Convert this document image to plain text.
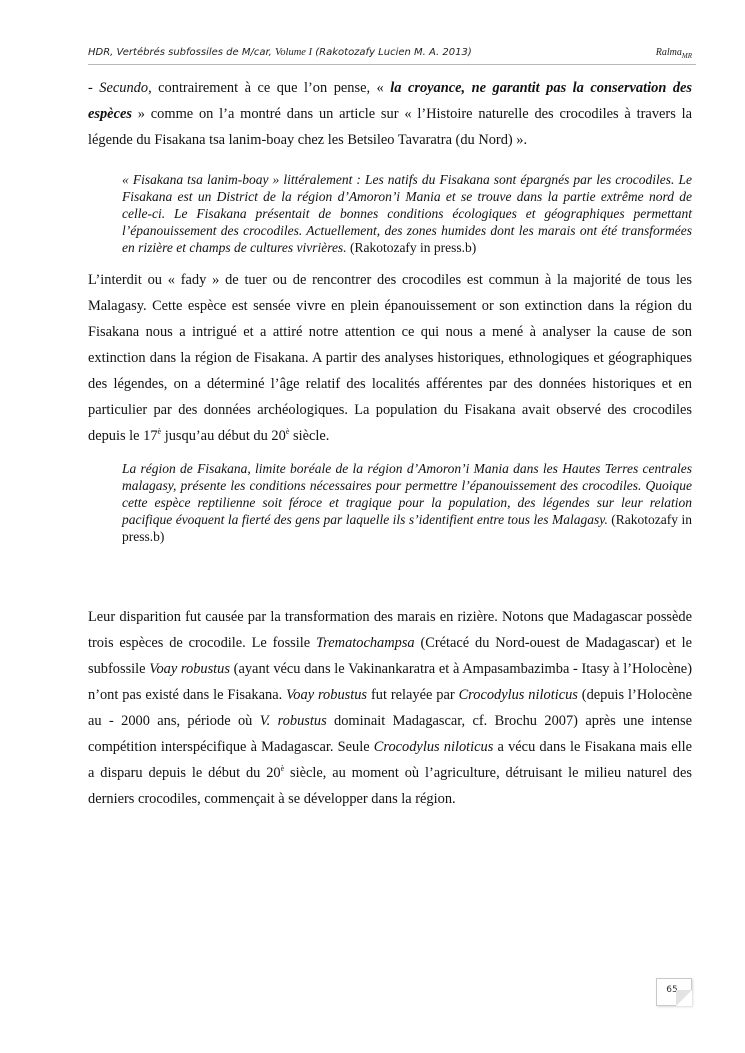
HDR, Vertébrés subfossiles de M/car, Volume I (Rakotozafy Lucien M. A. 2013)	Ralma$_{MR}$

- Secundo, contrairement à ce que l’on pense, « la croyance, ne garantit pas la conservation des espèces » comme on l’a montré dans un article sur « l’Histoire naturelle des crocodiles à travers la légende du Fisakana tsa lanim-boay chez les Betsileo Tavaratra (du Nord) ».

« Fisakana tsa lanim-boay » littéralement : Les natifs du Fisakana sont épargnés par les crocodiles. Le Fisakana est un District de la région d’Amoron’i Mania et se trouve dans la partie extrême nord de celle-ci. Le Fisakana présentait de bonnes conditions écologiques et géographiques permettant l’épanouissement des crocodiles. Actuellement, des zones humides dont les marais ont été transformées en rizière et champs de cultures vivrières. (Rakotozafy in press.b)

L’interdit ou « fady » de tuer ou de rencontrer des crocodiles est commun à la majorité de tous les Malagasy. Cette espèce est sensée vivre en plein épanouissement or son extinction dans la région du Fisakana nous a intrigué et a attiré notre attention ce qui nous a mené à analyser la cause de son extinction dans la région de Fisakana. A partir des analyses historiques, ethnologiques et géographiques des légendes, on a déterminé l’âge relatif des localités afférentes par des données historiques et en particulier par des données archéologiques. La population du Fisakana avait observé des crocodiles depuis le $17^è$ jusqu’au début du $20^è$ siècle.

La région de Fisakana, limite boréale de la région d’Amoron’i Mania dans les Hautes Terres centrales malagasy, présente les conditions nécessaires pour permettre l’épanouissement des crocodiles. Quoique cette espèce reptilienne soit féroce et tragique pour la population, des légendes sur leur relation pacifique évoquent la fierté des gens par laquelle ils s’identifient entre tous les Malagasy. (Rakotozafy in press.b)

Leur disparition fut causée par la transformation des marais en rizière. Notons que Madagascar possède trois espèces de crocodile. Le fossile Trematochampsa (Crétacé du Nord-ouest de Madagascar) et le subfossile Voay robustus (ayant vécu dans le Vakinankaratra et à Ampasambazimba - Itasy à l’Holocène) n’ont pas existé dans le Fisakana. Voay robustus fut relayée par Crocodylus niloticus (depuis l’Holocène au - 2000 ans, période où V. robustus dominait Madagascar, cf. Brochu 2007) après une intense compétition interspécifique à Madagascar. Seule Crocodylus niloticus a vécu dans le Fisakana mais elle a disparu depuis le début du $20^è$ siècle, au moment où l’agriculture, détruisant le milieu naturel des derniers crocodiles, commençait à se développer dans la région.

65
